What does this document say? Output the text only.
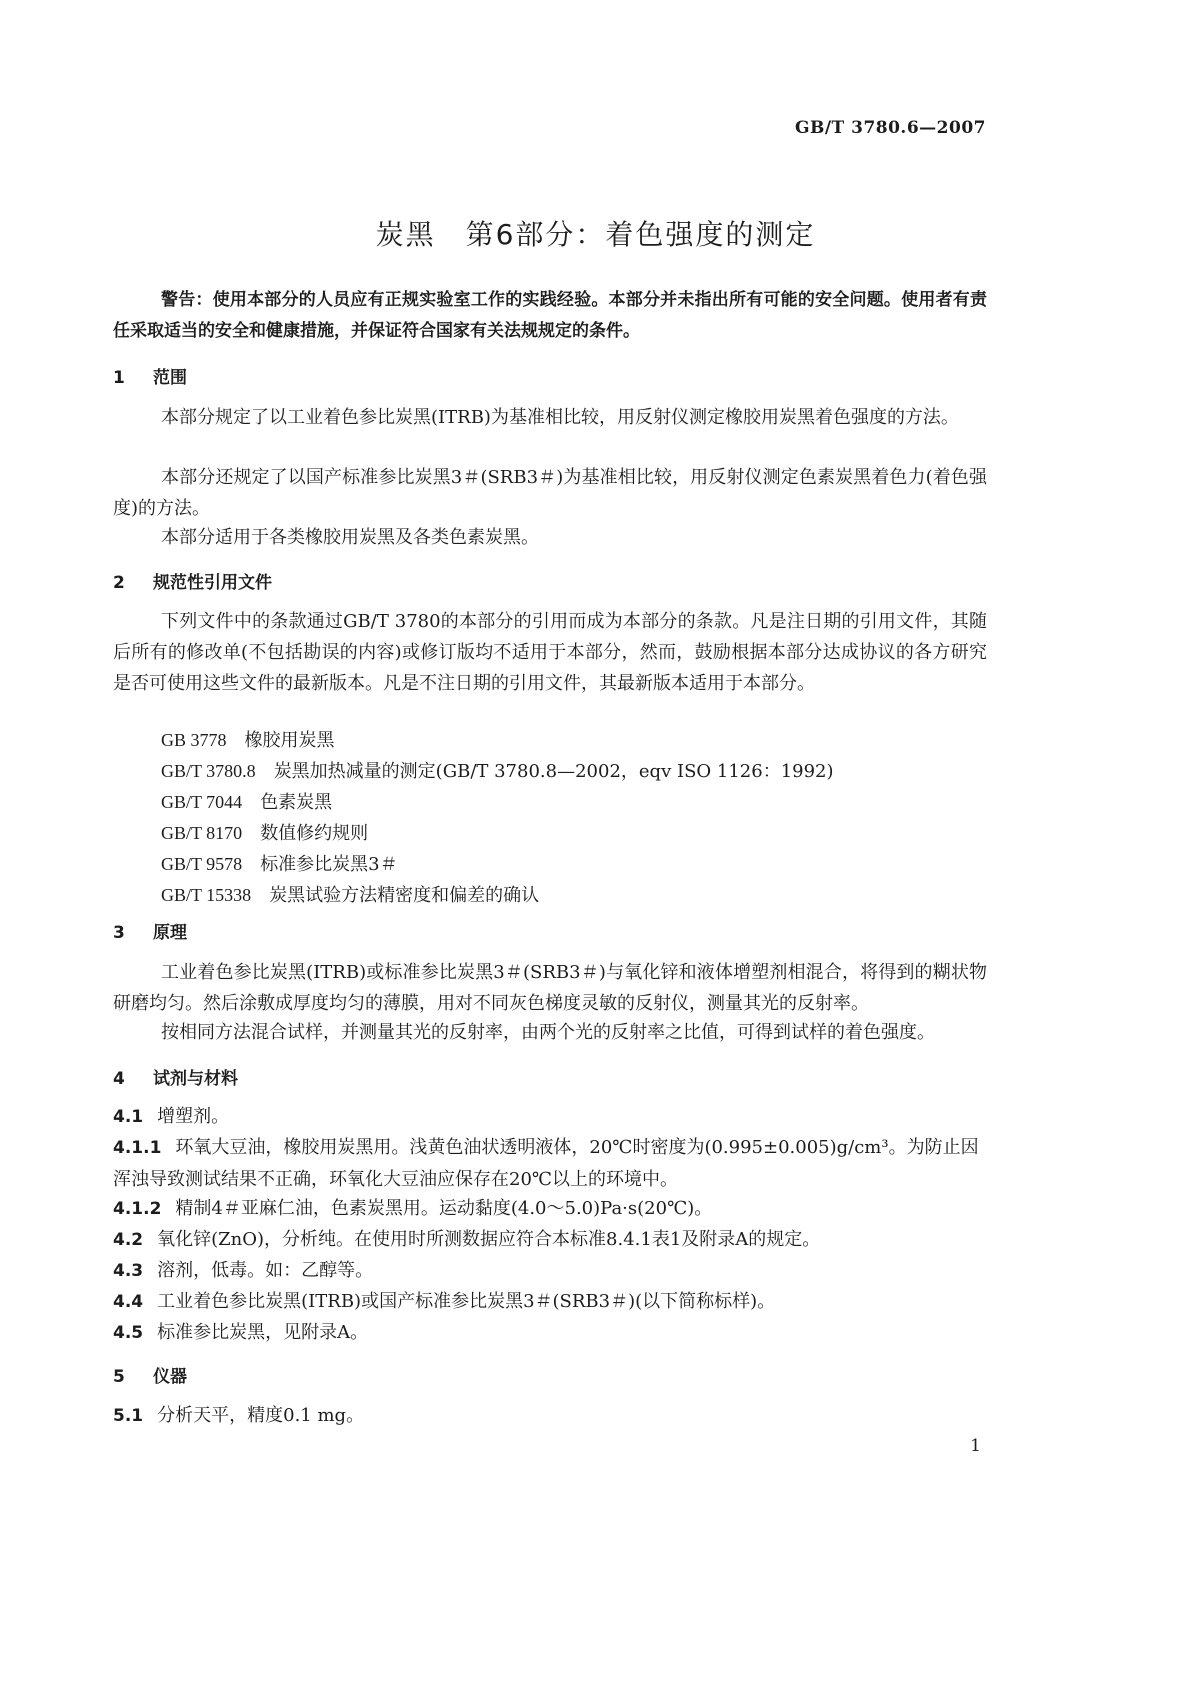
GB/T 3780.6—2007
炭黑　第6部分：着色强度的测定
警告：使用本部分的人员应有正规实验室工作的实践经验。本部分并未指出所有可能的安全问题。使用者有责任采取适当的安全和健康措施，并保证符合国家有关法规规定的条件。
1 范围
本部分规定了以工业着色参比炭黑(ITRB)为基准相比较，用反射仪测定橡胶用炭黑着色强度的方法。
本部分还规定了以国产标准参比炭黑3＃(SRB3＃)为基准相比较，用反射仪测定色素炭黑着色力(着色强度)的方法。
本部分适用于各类橡胶用炭黑及各类色素炭黑。
2 规范性引用文件
下列文件中的条款通过GB/T 3780的本部分的引用而成为本部分的条款。凡是注日期的引用文件，其随后所有的修改单(不包括勘误的内容)或修订版均不适用于本部分，然而，鼓励根据本部分达成协议的各方研究是否可使用这些文件的最新版本。凡是不注日期的引用文件，其最新版本适用于本部分。
GB 3778　 橡胶用炭黑
GB/T 3780.8　 炭黑加热减量的测定(GB/T 3780.8—2002，eqv ISO 1126：1992)
GB/T 7044　 色素炭黑
GB/T 8170　 数值修约规则
GB/T 9578　 标准参比炭黑3＃
GB/T 15338　 炭黑试验方法精密度和偏差的确认
3 原理
工业着色参比炭黑(ITRB)或标准参比炭黑3＃(SRB3＃)与氧化锌和液体增塑剂相混合，将得到的糊状物研磨均匀。然后涂敷成厚度均匀的薄膜，用对不同灰色梯度灵敏的反射仪，测量其光的反射率。
按相同方法混合试样，并测量其光的反射率，由两个光的反射率之比值，可得到试样的着色强度。
4 试剂与材料
4.1 增塑剂。
4.1.1 环氧大豆油，橡胶用炭黑用。浅黄色油状透明液体，20℃时密度为(0.995±0.005)g/cm³。为防止因浑浊导致测试结果不正确，环氧化大豆油应保存在20℃以上的环境中。
4.1.2 精制4＃亚麻仁油，色素炭黑用。运动黏度(4.0～5.0)Pa·s(20℃)。
4.2 氧化锌(ZnO)，分析纯。在使用时所测数据应符合本标准8.4.1表1及附录A的规定。
4.3 溶剂，低毒。如：乙醇等。
4.4 工业着色参比炭黑(ITRB)或国产标准参比炭黑3＃(SRB3＃)(以下简称标样)。
4.5 标准参比炭黑，见附录A。
5 仪器
5.1 分析天平，精度0.1 mg。
1
